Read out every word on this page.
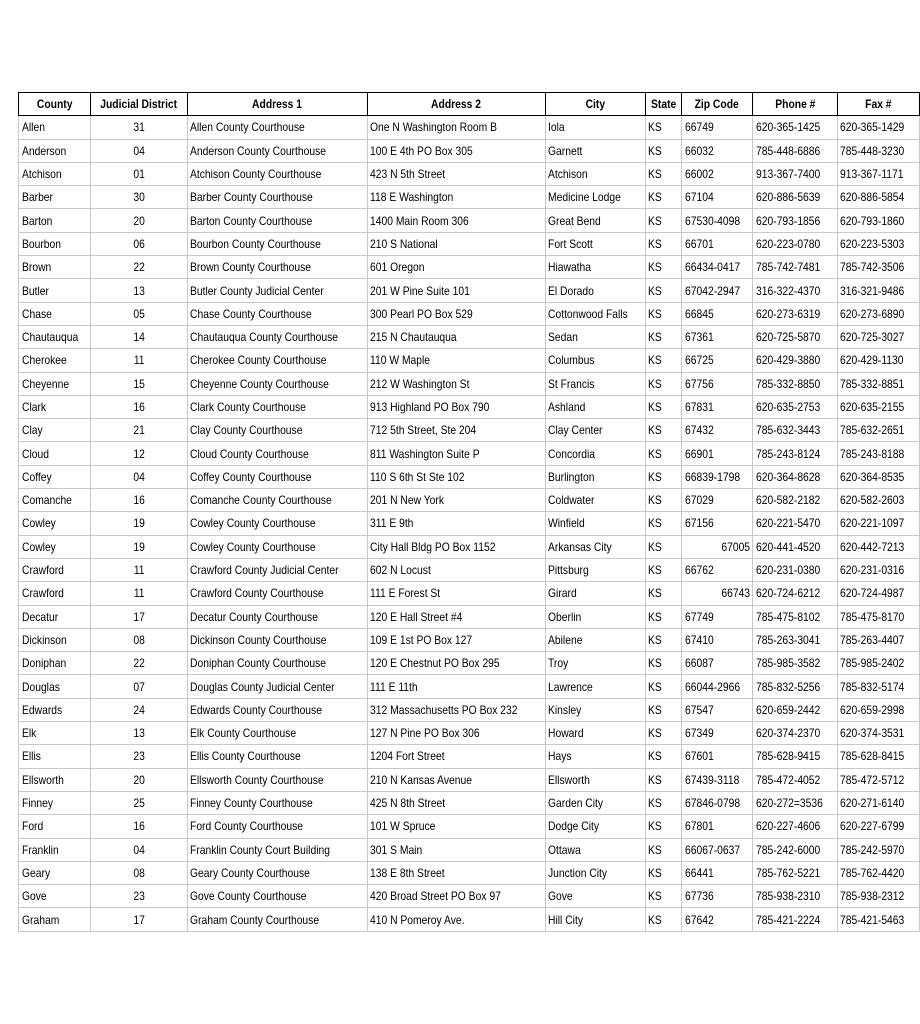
County	Judicial District	Address 1	Address 2	City	State	Zip Code	Phone #	Fax #
Allen	31	Allen County Courthouse	One N Washington Room B	Iola	KS	66749	620-365-1425	620-365-1429
Anderson	04	Anderson County Courthouse	100 E 4th PO Box 305	Garnett	KS	66032	785-448-6886	785-448-3230
Atchison	01	Atchison County Courthouse	423 N 5th Street	Atchison	KS	66002	913-367-7400	913-367-1171
Barber	30	Barber County Courthouse	118 E Washington	Medicine Lodge	KS	67104	620-886-5639	620-886-5854
Barton	20	Barton County Courthouse	1400 Main Room 306	Great Bend	KS	67530-4098	620-793-1856	620-793-1860
Bourbon	06	Bourbon County Courthouse	210 S National	Fort Scott	KS	66701	620-223-0780	620-223-5303
Brown	22	Brown County Courthouse	601 Oregon	Hiawatha	KS	66434-0417	785-742-7481	785-742-3506
Butler	13	Butler County Judicial Center	201 W Pine Suite 101	El Dorado	KS	67042-2947	316-322-4370	316-321-9486
Chase	05	Chase County Courthouse	300 Pearl PO Box 529	Cottonwood Falls	KS	66845	620-273-6319	620-273-6890
Chautauqua	14	Chautauqua County Courthouse	215 N Chautauqua	Sedan	KS	67361	620-725-5870	620-725-3027
Cherokee	11	Cherokee County Courthouse	110 W Maple	Columbus	KS	66725	620-429-3880	620-429-1130
Cheyenne	15	Cheyenne County Courthouse	212 W Washington St	St Francis	KS	67756	785-332-8850	785-332-8851
Clark	16	Clark County Courthouse	913 Highland PO Box 790	Ashland	KS	67831	620-635-2753	620-635-2155
Clay	21	Clay County Courthouse	712 5th Street, Ste 204	Clay Center	KS	67432	785-632-3443	785-632-2651
Cloud	12	Cloud County Courthouse	811 Washington Suite P	Concordia	KS	66901	785-243-8124	785-243-8188
Coffey	04	Coffey County Courthouse	110 S 6th St Ste 102	Burlington	KS	66839-1798	620-364-8628	620-364-8535
Comanche	16	Comanche County Courthouse	201 N New York	Coldwater	KS	67029	620-582-2182	620-582-2603
Cowley	19	Cowley County Courthouse	311 E 9th	Winfield	KS	67156	620-221-5470	620-221-1097
Cowley	19	Cowley County Courthouse	City Hall Bldg PO Box 1152	Arkansas City	KS	67005	620-441-4520	620-442-7213
Crawford	11	Crawford County Judicial Center	602 N Locust	Pittsburg	KS	66762	620-231-0380	620-231-0316
Crawford	11	Crawford County Courthouse	111 E Forest St	Girard	KS	66743	620-724-6212	620-724-4987
Decatur	17	Decatur County Courthouse	120 E Hall Street #4	Oberlin	KS	67749	785-475-8102	785-475-8170
Dickinson	08	Dickinson County Courthouse	109 E 1st PO Box 127	Abilene	KS	67410	785-263-3041	785-263-4407
Doniphan	22	Doniphan County Courthouse	120 E Chestnut PO Box 295	Troy	KS	66087	785-985-3582	785-985-2402
Douglas	07	Douglas County Judicial Center	111 E 11th	Lawrence	KS	66044-2966	785-832-5256	785-832-5174
Edwards	24	Edwards County Courthouse	312 Massachusetts PO Box 232	Kinsley	KS	67547	620-659-2442	620-659-2998
Elk	13	Elk County Courthouse	127 N Pine PO Box 306	Howard	KS	67349	620-374-2370	620-374-3531
Ellis	23	Ellis County Courthouse	1204 Fort Street	Hays	KS	67601	785-628-9415	785-628-8415
Ellsworth	20	Ellsworth County Courthouse	210 N Kansas Avenue	Ellsworth	KS	67439-3118	785-472-4052	785-472-5712
Finney	25	Finney County Courthouse	425 N 8th Street	Garden City	KS	67846-0798	620-272=3536	620-271-6140
Ford	16	Ford County Courthouse	101 W Spruce	Dodge City	KS	67801	620-227-4606	620-227-6799
Franklin	04	Franklin County Court Building	301 S Main	Ottawa	KS	66067-0637	785-242-6000	785-242-5970
Geary	08	Geary County Courthouse	138 E 8th Street	Junction City	KS	66441	785-762-5221	785-762-4420
Gove	23	Gove County Courthouse	420 Broad Street PO Box 97	Gove	KS	67736	785-938-2310	785-938-2312
Graham	17	Graham County Courthouse	410 N Pomeroy Ave.	Hill City	KS	67642	785-421-2224	785-421-5463
